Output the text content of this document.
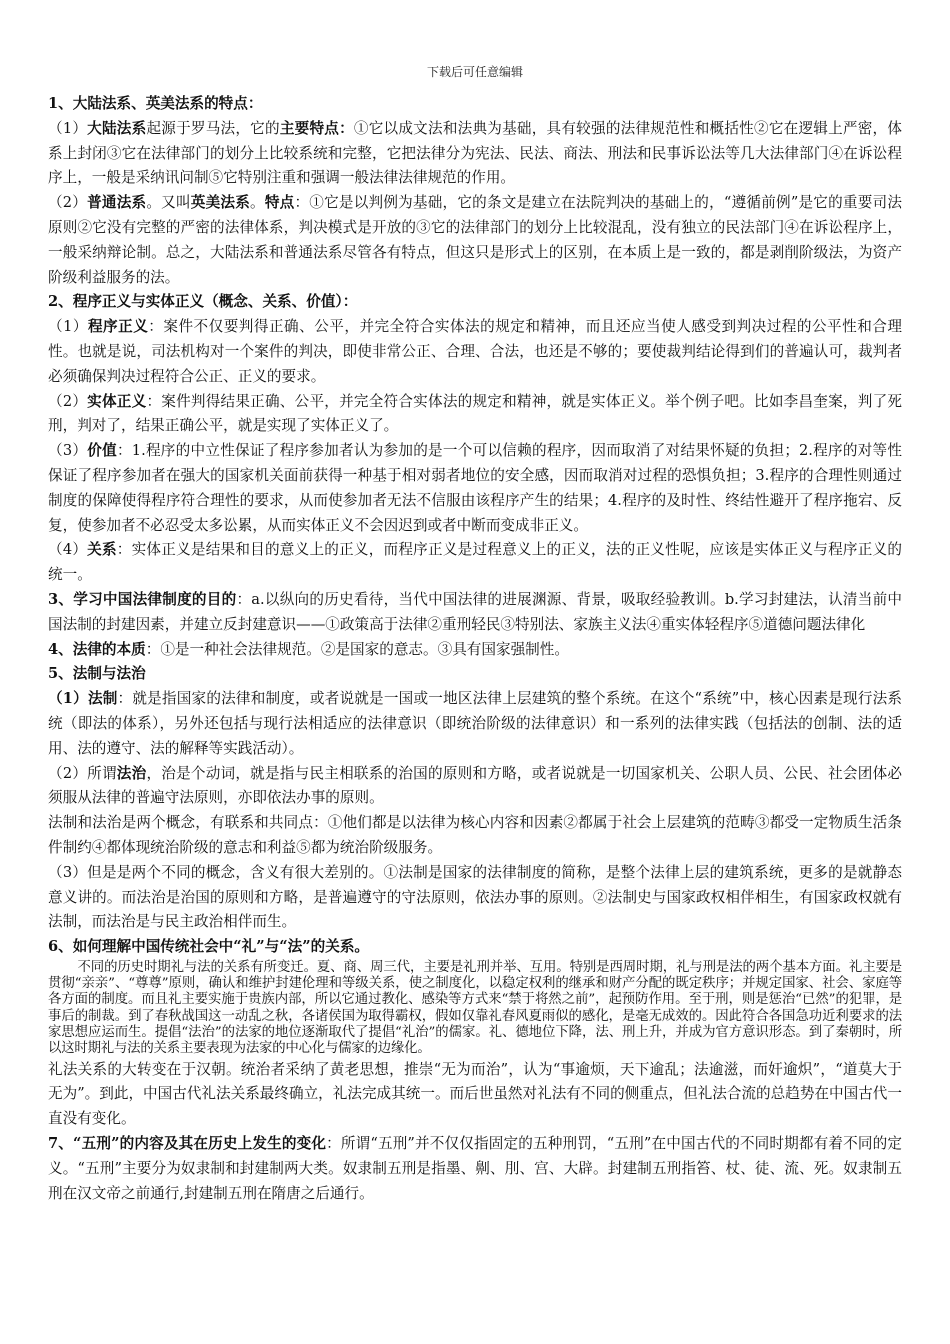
下载后可任意编辑

1、大陆法系、英美法系的特点：

（1）大陆法系起源于罗马法，它的主要特点：①它以成文法和法典为基础，具有较强的法律规范性和概括性②它在逻辑上严密，体系上封闭③它在法律部门的划分上比较系统和完整，它把法律分为宪法、民法、商法、刑法和民事诉讼法等几大法律部门④在诉讼程序上，一般是采纳讯问制⑤它特别注重和强调一般法律法律规范的作用。

（2）普通法系。又叫英美法系。特点：①它是以判例为基础，它的条文是建立在法院判决的基础上的，“遵循前例”是它的重要司法原则②它没有完整的严密的法律体系，判决模式是开放的③它的法律部门的划分上比较混乱，没有独立的民法部门④在诉讼程序上，一般采纳辩论制。总之，大陆法系和普通法系尽管各有特点，但这只是形式上的区别，在本质上是一致的，都是剥削阶级法，为资产阶级利益服务的法。

2、程序正义与实体正义（概念、关系、价值）：

（1）程序正义：案件不仅要判得正确、公平，并完全符合实体法的规定和精神，而且还应当使人感受到判决过程的公平性和合理性。也就是说，司法机构对一个案件的判决，即使非常公正、合理、合法，也还是不够的；要使裁判结论得到们的普遍认可，裁判者必须确保判决过程符合公正、正义的要求。

（2）实体正义：案件判得结果正确、公平，并完全符合实体法的规定和精神，就是实体正义。举个例子吧。比如李昌奎案，判了死刑，判对了，结果正确公平，就是实现了实体正义了。

（3）价值：1.程序的中立性保证了程序参加者认为参加的是一个可以信赖的程序，因而取消了对结果怀疑的负担；2.程序的对等性保证了程序参加者在强大的国家机关面前获得一种基于相对弱者地位的安全感，因而取消对过程的恐惧负担；3.程序的合理性则通过制度的保障使得程序符合理性的要求，从而使参加者无法不信服由该程序产生的结果；4.程序的及时性、终结性避开了程序拖宕、反复，使参加者不必忍受太多讼累，从而实体正义不会因迟到或者中断而变成非正义。

（4）关系：实体正义是结果和目的意义上的正义，而程序正义是过程意义上的正义，法的正义性呢，应该是实体正义与程序正义的统一。

3、学习中国法律制度的目的：a.以纵向的历史看待，当代中国法律的进展渊源、背景，吸取经验教训。b.学习封建法，认清当前中国法制的封建因素，并建立反封建意识——①政策高于法律②重刑轻民③特别法、家族主义法④重实体轻程序⑤道德问题法律化

4、法律的本质：①是一种社会法律规范。②是国家的意志。③具有国家强制性。

5、法制与法治

（1）法制：就是指国家的法律和制度，或者说就是一国或一地区法律上层建筑的整个系统。在这个“系统”中，核心因素是现行法系统（即法的体系），另外还包括与现行法相适应的法律意识（即统治阶级的法律意识）和一系列的法律实践（包括法的创制、法的适用、法的遵守、法的解释等实践活动）。

（2）所谓法治，治是个动词，就是指与民主相联系的治国的原则和方略，或者说就是一切国家机关、公职人员、公民、社会团体必须服从法律的普遍守法原则，亦即依法办事的原则。

法制和法治是两个概念，有联系和共同点：①他们都是以法律为核心内容和因素②都属于社会上层建筑的范畴③都受一定物质生活条件制约④都体现统治阶级的意志和利益⑤都为统治阶级服务。

（3）但是是两个不同的概念，含义有很大差别的。①法制是国家的法律制度的简称，是整个法律上层的建筑系统，更多的是就静态意义讲的。而法治是治国的原则和方略，是普遍遵守的守法原则，依法办事的原则。②法制史与国家政权相伴相生，有国家政权就有法制，而法治是与民主政治相伴而生。

6、如何理解中国传统社会中“礼”与“法”的关系。

不同的历史时期礼与法的关系有所变迁。夏、商、周三代，主要是礼刑并举、互用。特别是西周时期，礼与刑是法的两个基本方面。礼主要是贯彻“亲亲”、“尊尊”原则，确认和维护封建伦理和等级关系，使之制度化，以稳定权利的继承和财产分配的既定秩序；并规定国家、社会、家庭等各方面的制度。而且礼主要实施于贵族内部，所以它通过教化、感染等方式来“禁于将然之前”，起预防作用。至于刑，则是惩治“已然”的犯罪，是事后的制裁。到了春秋战国这一动乱之秋，各诸侯国为取得霸权，假如仅靠礼春风夏雨似的感化，是毫无成效的。因此符合各国急功近利要求的法家思想应运而生。提倡“法治”的法家的地位逐渐取代了提倡“礼治”的儒家。礼、德地位下降，法、刑上升，并成为官方意识形态。到了秦朝时，所以这时期礼与法的关系主要表现为法家的中心化与儒家的边缘化。

礼法关系的大转变在于汉朝。统治者采纳了黄老思想，推崇“无为而治”，认为“事逾烦，天下逾乱；法逾滋，而奸逾炽”，“道莫大于无为”。到此，中国古代礼法关系最终确立，礼法完成其统一。而后世虽然对礼法有不同的侧重点，但礼法合流的总趋势在中国古代一直没有变化。

7、“五刑”的内容及其在历史上发生的变化：所谓“五刑”并不仅仅指固定的五种刑罚，“五刑”在中国古代的不同时期都有着不同的定义。“五刑”主要分为奴隶制和封建制两大类。奴隶制五刑是指墨、劓、刖、宫、大辟。封建制五刑指笞、杖、徒、流、死。奴隶制五刑在汉文帝之前通行,封建制五刑在隋唐之后通行。
